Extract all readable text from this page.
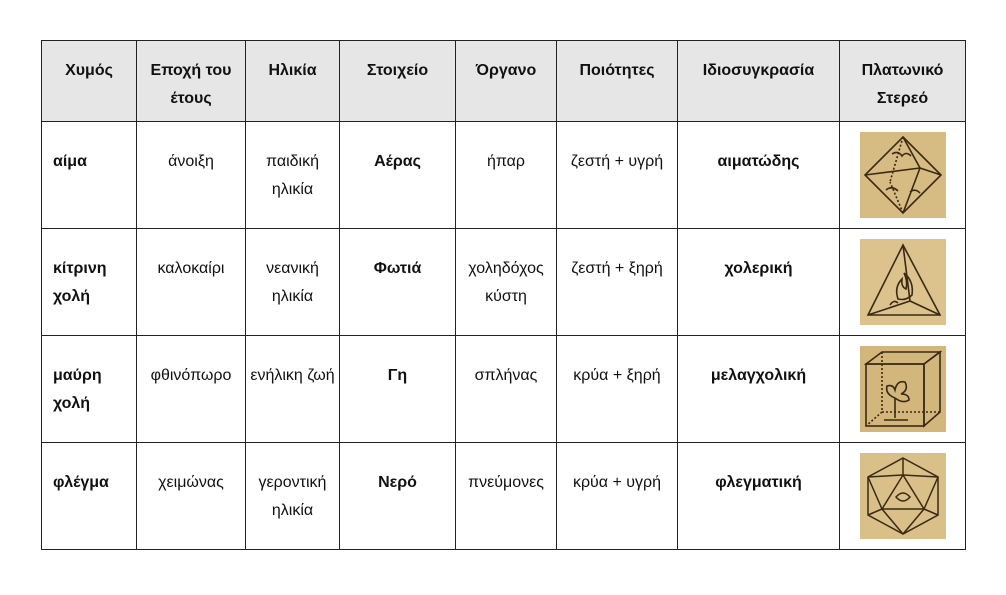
Χυμός	Εποχή του έτους	Ηλικία	Στοιχείο	Όργανο	Ποιότητες	Ιδιοσυγκρασία	Πλατωνικό Στερεό
αίμα	άνοιξη	παιδική ηλικία	Αέρας	ήπαρ	ζεστή + υγρή	αιματώδης	

κίτρινη χολή	καλοκαίρι	νεανική ηλικία	Φωτιά	χοληδόχος κύστη	ζεστή + ξηρή	χολερική	

μαύρη χολή	φθινόπωρο	ενήλικη ζωή	Γη	σπλήνας	κρύα + ξηρή	μελαγχολική	

φλέγμα	χειμώνας	γεροντική ηλικία	Νερό	πνεύμονες	κρύα + υγρή	φλεγματική	
